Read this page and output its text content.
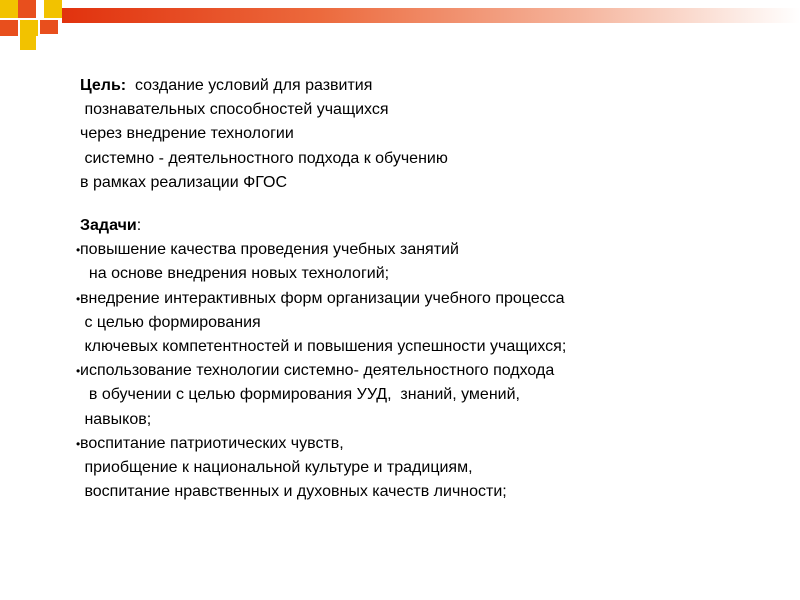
Цель:  создание условий для развития

познавательных способностей учащихся

через внедрение технологии

системно - деятельностного подхода к обучению

в рамках реализации ФГОС

Задачи:

• повышение качества проведения учебных занятий

на основе внедрения новых технологий;

• внедрение интерактивных форм организации учебного процесса

с целью формирования

ключевых компетентностей и повышения успешности учащихся;

• использование технологии системно- деятельностного подхода

в обучении с целью формирования УУД,  знаний, умений,

навыков;

• воспитание патриотических чувств,

приобщение к национальной культуре и традициям,

воспитание нравственных и духовных качеств личности;
